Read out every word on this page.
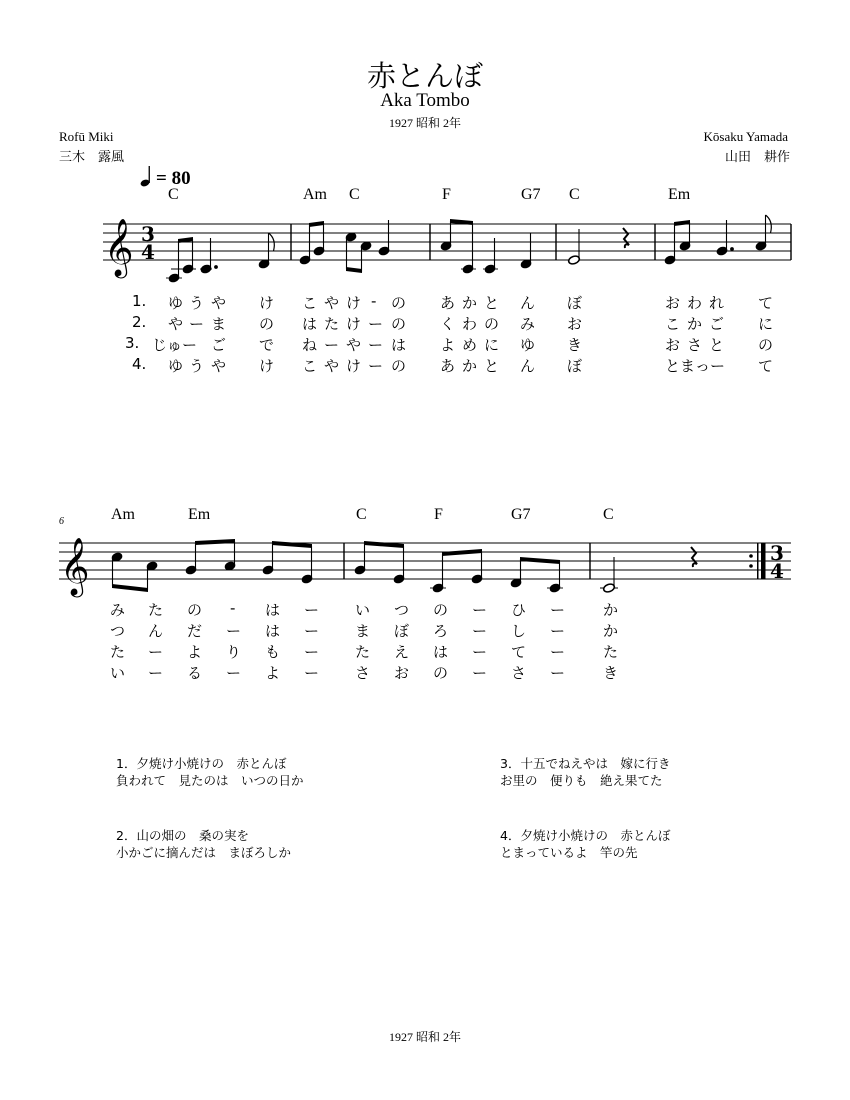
赤とんぼ
Aka Tombo
1927 昭和 2年
Rofū Miki
三木　露風
Kōsaku Yamada
山田　耕作
= 80
C	Am C	F	G7 C	Em
1. ゆ う や け こ や け - の あ か と ん ぼ	お わ れ て
2. や ー ま の は た け ー の く わ の み お	こ か ご に
3. じゅー ご で ね ー や ー は よ め に ゆ き	お さ と の
4. ゆ う や け こ や け ー の あ か と ん ぼ	とまっー て
Am	Em	C	F	G7	C
み た の - は ー い つ の ー ひ ー	か
つ ん だ ー は ー ま ぼ ろ ー し ー	か
た ー よ り も ー た え は ー て ー	た
い ー る ー よ ー さ お の ー さ ー	き
6
𝄞 3
4
𝄞	3
4
1．夕焼け小焼けの　赤とんぼ
負われて　見たのは　いつの日か
2．山の畑の　桑の実を
小かごに摘んだは　まぼろしか
3．十五でねえやは　嫁に行き
お里の　便りも　絶え果てた
4．夕焼け小焼けの　赤とんぼ
とまっているよ　竿の先
1927 昭和 2年
